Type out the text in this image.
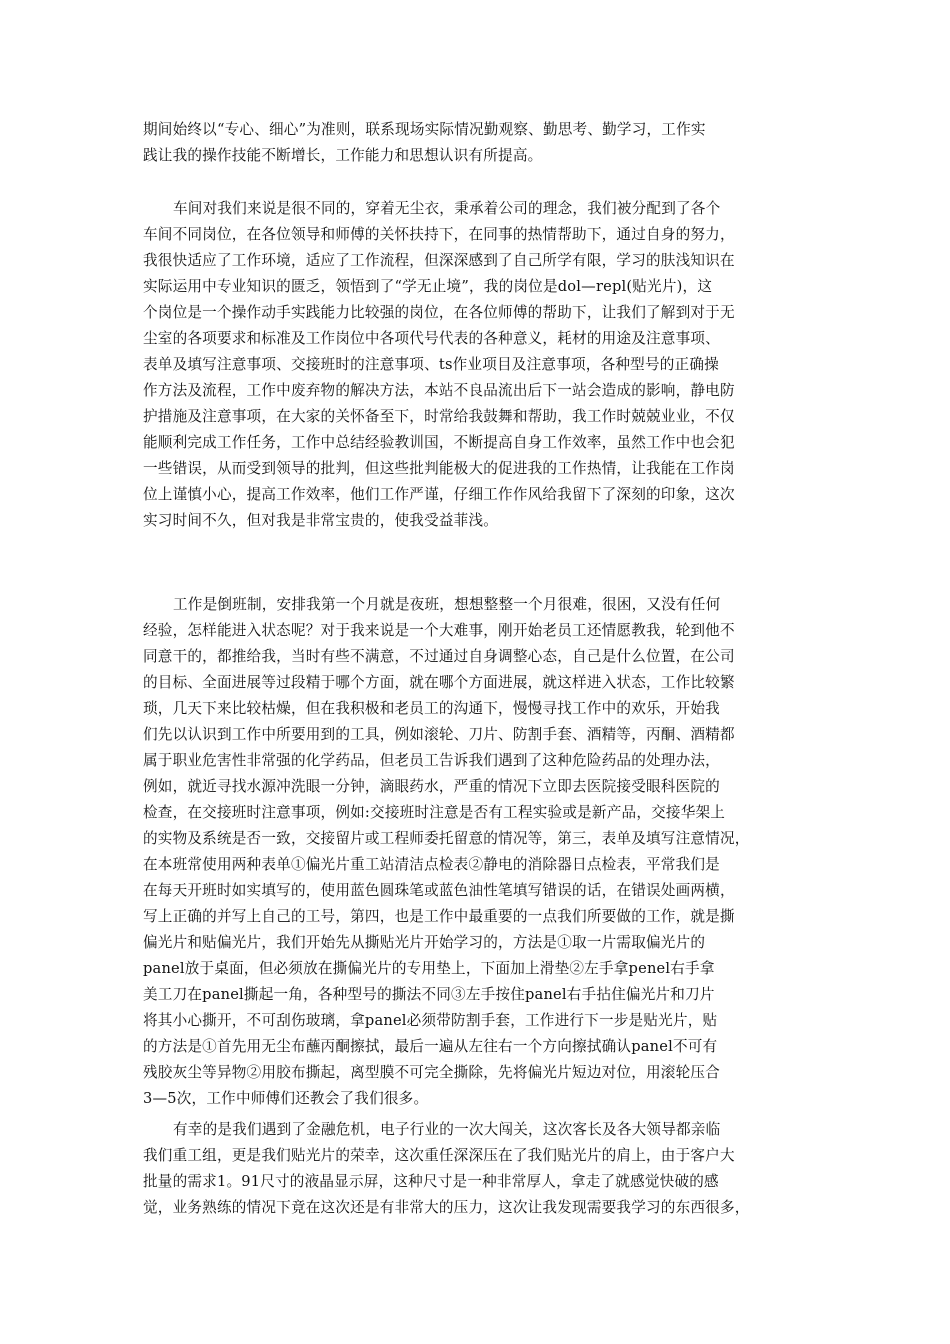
期间始终以“专心、细心”为准则，联系现场实际情况勤观察、勤思考、勤学习，工作实
践让我的操作技能不断增长，工作能力和思想认识有所提高。
车间对我们来说是很不同的，穿着无尘衣，秉承着公司的理念，我们被分配到了各个
车间不同岗位，在各位领导和师傅的关怀扶持下，在同事的热情帮助下，通过自身的努力，
我很快适应了工作环境，适应了工作流程，但深深感到了自己所学有限，学习的肤浅知识在
实际运用中专业知识的匮乏，领悟到了“学无止境”，我的岗位是dol—repl(贴光片)，这
个岗位是一个操作动手实践能力比较强的岗位，在各位师傅的帮助下，让我们了解到对于无
尘室的各项要求和标准及工作岗位中各项代号代表的各种意义，耗材的用途及注意事项、
表单及填写注意事项、交接班时的注意事项、ts作业项目及注意事项，各种型号的正确操
作方法及流程，工作中废弃物的解决方法，本站不良品流出后下一站会造成的影响，静电防
护措施及注意事项，在大家的关怀备至下，时常给我鼓舞和帮助，我工作时兢兢业业，不仅
能顺利完成工作任务，工作中总结经验教训国，不断提高自身工作效率，虽然工作中也会犯
一些错误，从而受到领导的批判，但这些批判能极大的促进我的工作热情，让我能在工作岗
位上谨慎小心，提高工作效率，他们工作严谨，仔细工作作风给我留下了深刻的印象，这次
实习时间不久，但对我是非常宝贵的，使我受益菲浅。
工作是倒班制，安排我第一个月就是夜班，想想整整一个月很难，很困，又没有任何
经验，怎样能进入状态呢？对于我来说是一个大难事，刚开始老员工还情愿教我，轮到他不
同意干的，都推给我，当时有些不满意，不过通过自身调整心态，自己是什么位置，在公司
的目标、全面进展等过段精于哪个方面，就在哪个方面进展，就这样进入状态，工作比较繁
琐，几天下来比较枯燥，但在我积极和老员工的沟通下，慢慢寻找工作中的欢乐，开始我
们先以认识到工作中所要用到的工具，例如滚轮、刀片、防割手套、酒精等，丙酮、酒精都
属于职业危害性非常强的化学药品，但老员工告诉我们遇到了这种危险药品的处理办法，
例如，就近寻找水源冲洗眼一分钟，滴眼药水，严重的情况下立即去医院接受眼科医院的
检查，在交接班时注意事项，例如:交接班时注意是否有工程实验或是新产品，交接华架上
的实物及系统是否一致，交接留片或工程师委托留意的情况等，第三，表单及填写注意情况，
在本班常使用两种表单①偏光片重工站清洁点检表②静电的消除器日点检表，平常我们是
在每天开班时如实填写的，使用蓝色圆珠笔或蓝色油性笔填写错误的话，在错误处画两横，
写上正确的并写上自己的工号，第四，也是工作中最重要的一点我们所要做的工作，就是撕
偏光片和贴偏光片，我们开始先从撕贴光片开始学习的，方法是①取一片需取偏光片的
panel放于桌面，但必须放在撕偏光片的专用垫上，下面加上滑垫②左手拿penel右手拿
美工刀在panel撕起一角，各种型号的撕法不同③左手按住panel右手拈住偏光片和刀片
将其小心撕开，不可刮伤玻璃，拿panel必须带防割手套，工作进行下一步是贴光片，贴
的方法是①首先用无尘布蘸丙酮擦拭，最后一遍从左往右一个方向擦拭确认panel不可有
残胶灰尘等异物②用胶布撕起，离型膜不可完全撕除，先将偏光片短边对位，用滚轮压合
3—5次，工作中师傅们还教会了我们很多。
有幸的是我们遇到了金融危机，电子行业的一次大闯关，这次客长及各大领导都亲临
我们重工组，更是我们贴光片的荣幸，这次重任深深压在了我们贴光片的肩上，由于客户大
批量的需求1。91尺寸的液晶显示屏，这种尺寸是一种非常厚人，拿走了就感觉快破的感
觉，业务熟练的情况下竟在这次还是有非常大的压力，这次让我发现需要我学习的东西很多，
